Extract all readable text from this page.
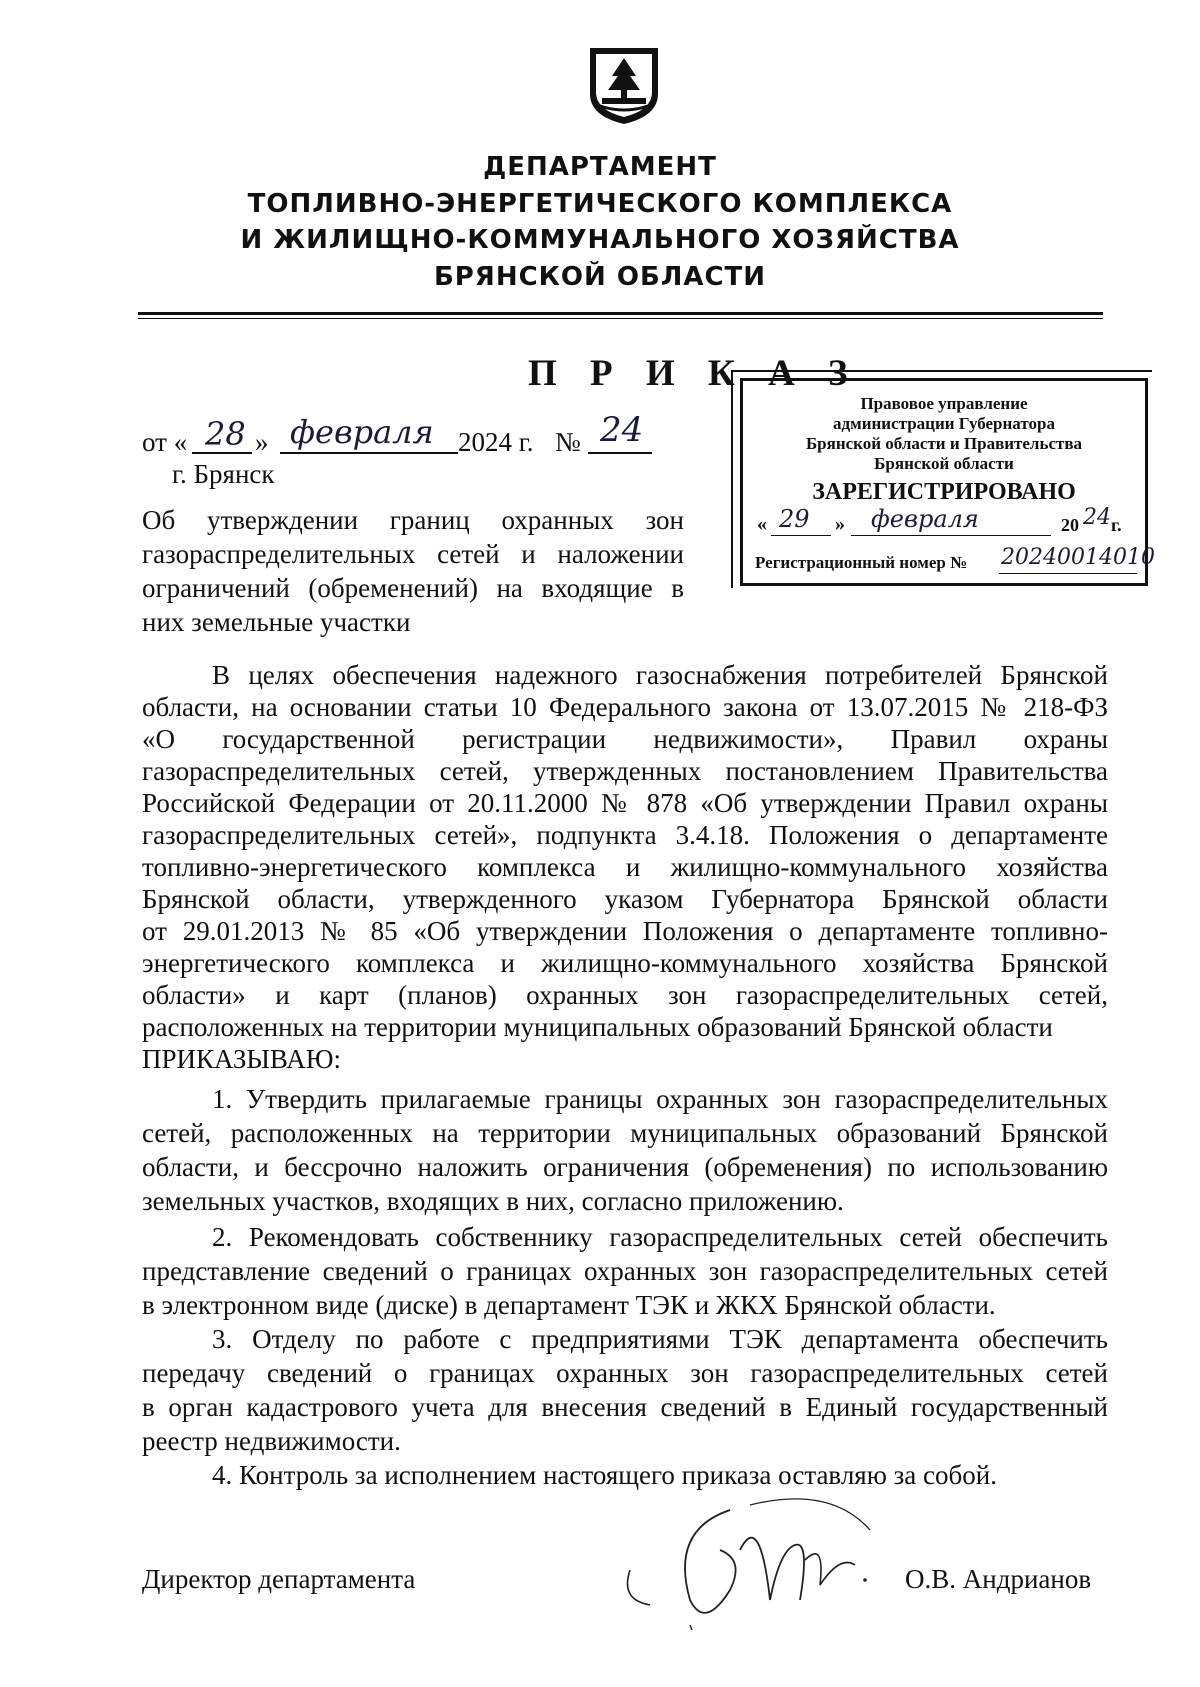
ДЕПАРТАМЕНТ
ТОПЛИВНО-ЭНЕРГЕТИЧЕСКОГО КОМПЛЕКСА
И ЖИЛИЩНО-КОММУНАЛЬНОГО ХОЗЯЙСТВА
БРЯНСКОЙ ОБЛАСТИ
П Р И К А З
от « 28 » февраля 2024 г. № 24
г. Брянск
Правовое управление
администрации Губернатора
Брянской области и Правительства
Брянской области
ЗАРЕГИСТРИРОВАНО
« 29 » февраля	20 24 г.
Регистрационный номер № 20240014010
Об утверждении границ охранных зон
газораспределительных сетей и наложении
ограничений (обременений) на входящие в
них земельные участки
В целях обеспечения надежного газоснабжения потребителей Брянской
области, на основании статьи 10 Федерального закона от 13.07.2015 № 218-ФЗ
«О государственной регистрации недвижимости», Правил охраны
газораспределительных сетей, утвержденных постановлением Правительства
Российской Федерации от 20.11.2000 № 878 «Об утверждении Правил охраны
газораспределительных сетей», подпункта 3.4.18. Положения о департаменте
топливно-энергетического комплекса и жилищно-коммунального хозяйства
Брянской области, утвержденного указом Губернатора Брянской области
от 29.01.2013 № 85 «Об утверждении Положения о департаменте топливно-
энергетического комплекса и жилищно-коммунального хозяйства Брянской
области» и карт (планов) охранных зон газораспределительных сетей,
расположенных на территории муниципальных образований Брянской области
ПРИКАЗЫВАЮ:
1. Утвердить прилагаемые границы охранных зон газораспределительных
сетей, расположенных на территории муниципальных образований Брянской
области, и бессрочно наложить ограничения (обременения) по использованию
земельных участков, входящих в них, согласно приложению.
2. Рекомендовать собственнику газораспределительных сетей обеспечить
представление сведений о границах охранных зон газораспределительных сетей
в электронном виде (диске) в департамент ТЭК и ЖКХ Брянской области.
3. Отделу по работе с предприятиями ТЭК департамента обеспечить
передачу сведений о границах охранных зон газораспределительных сетей
в орган кадастрового учета для внесения сведений в Единый государственный
реестр недвижимости.
4. Контроль за исполнением настоящего приказа оставляю за собой.
Директор департамента	О.В. Андрианов
